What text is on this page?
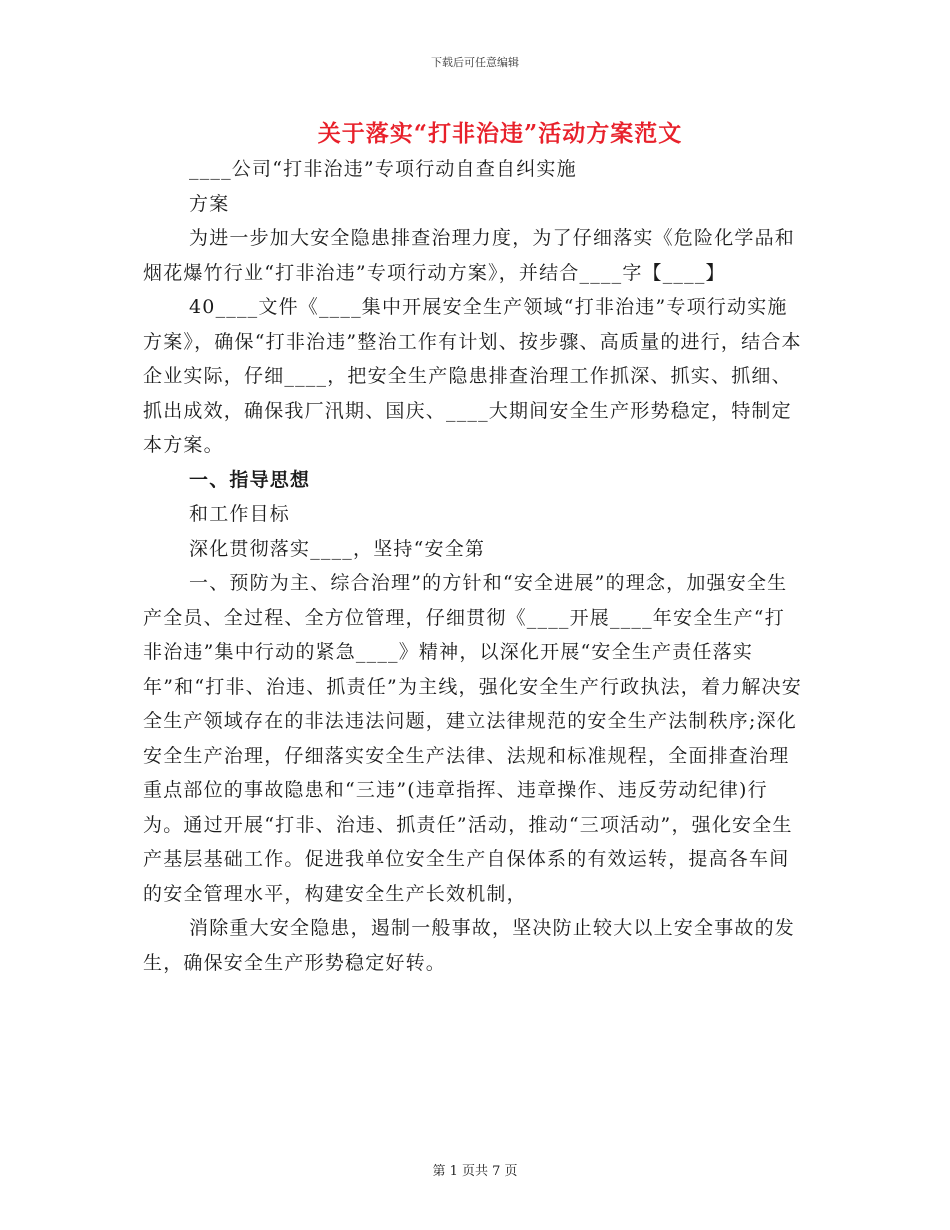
下载后可任意编辑
关于落实“打非治违”活动方案范文

____公司“打非治违”专项行动自查自纠实施

方案

为进一步加大安全隐患排查治理力度，为了仔细落实《危险化学品和烟花爆竹行业“打非治违”专项行动方案》，并结合____字【____】

40____文件《____集中开展安全生产领域“打非治违”专项行动实施方案》，确保“打非治违”整治工作有计划、按步骤、高质量的进行，结合本企业实际，仔细____，把安全生产隐患排查治理工作抓深、抓实、抓细、抓出成效，确保我厂汛期、国庆、____大期间安全生产形势稳定，特制定本方案。

一、指导思想

和工作目标

深化贯彻落实____，坚持“安全第

一、预防为主、综合治理”的方针和“安全进展”的理念，加强安全生产全员、全过程、全方位管理，仔细贯彻《____开展____年安全生产“打非治违”集中行动的紧急____》精神，以深化开展“安全生产责任落实年”和“打非、治违、抓责任”为主线，强化安全生产行政执法，着力解决安全生产领域存在的非法违法问题，建立法律规范的安全生产法制秩序;深化安全生产治理，仔细落实安全生产法律、法规和标准规程，全面排查治理重点部位的事故隐患和“三违”(违章指挥、违章操作、违反劳动纪律)行为。通过开展“打非、治违、抓责任”活动，推动“三项活动”，强化安全生产基层基础工作。促进我单位安全生产自保体系的有效运转，提高各车间的安全管理水平，构建安全生产长效机制，

消除重大安全隐患，遏制一般事故，坚决防止较大以上安全事故的发生，确保安全生产形势稳定好转。

第 1 页共 7 页
